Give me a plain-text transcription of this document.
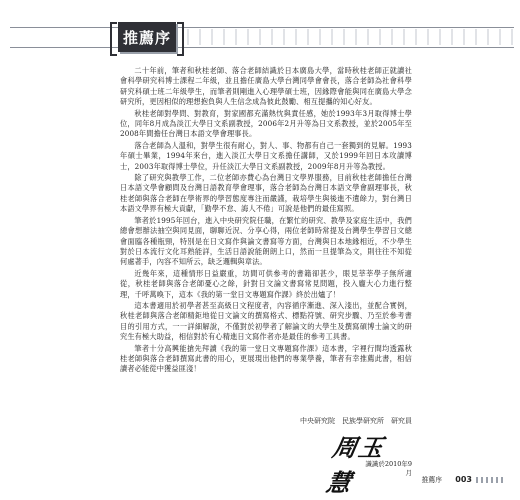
推薦序

二十年前，筆者和秋桂老師、落合老師結識於日本廣島大學，當時秋桂老師正就讀社會科學研究科博士課程二年級，並且擔任廣島大學台灣同學會會長，落合老師為社會科學研究科碩士班二年級學生，而筆者則剛進入心理學碩士班，因緣際會能與同在廣島大學念研究所，更因相似的理想抱負與人生信念成為彼此鼓勵、相互提攜的知心好友。

秋桂老師對學問、對教育，對家國都充滿熱忱與責任感，她於1993年3月取得博士學位，同年8月成為淡江大學日文系副教授，2006年2月升等為日文系教授，並於2005年至2008年間擔任台灣日本語文學會理事長。

落合老師為人溫和，對學生很有耐心，對人、事、物都有自己一套獨到的見解。1993年碩士畢業，1994年來台，進入淡江大學日文系擔任講師，又於1999年回日本攻讀博士，2003年取得博士學位，升任淡江大學日文系副教授，2009年8月升等為教授。

除了研究與教學工作，二位老師亦費心為台灣日文學界服務，目前秋桂老師擔任台灣日本語文學會顧問及台灣日語教育學會理事，落合老師為台灣日本語文學會副理事長，秋桂老師與落合老師在學術界的學習態度專注而嚴謹，栽培學生與後進不遺餘力，對台灣日本語文學界有極大貢獻，「勤學不怠、誨人不倦」可說是他們的最佳寫照。

筆者於1995年回台，進入中央研究院任職，在繁忙的研究、教學及家庭生活中，我們總會想辦法抽空與同見面，聊聊近況、分享心得，兩位老師時常提及台灣學生學習日文總會面臨各種瓶頸，特別是在日文寫作與論文書寫等方面，台灣與日本地緣相近，不少學生對於日本流行文化耳熟能詳，生活日語說能朗朗上口，然而一旦提筆為文，則往往不知從何處著手，內容不知所云，缺乏邏輯與章法。

近幾年來，這種情形日益嚴重，坊間可供參考的書籍卻甚少，眼見莘莘學子無所適從，秋桂老師與落合老師憂心之餘，針對日文論文書寫常見問題，投入龐大心力進行整理，千呼萬喚下，這本《我的第一堂日文專題寫作課》終於出爐了！

這本書適用於初學者甚至高級日文程度者，內容循序漸進、深入淺出，並配合實例，秋桂老師與落合老師精鉅地從日文論文的撰寫格式、標點符號、研究步驟、乃至於參考書目的引用方式，一一詳細解說，不僅對於初學者了解論文的大學生及撰寫碩博士論文的研究生有極大助益，相信對於有心精進日文寫作者亦是最佳的參考工具書。

筆者十分高興能搶先拜讀《我的第一堂日文專題寫作課》這本書，字裡行間均透露秋桂老師與落合老師撰寫此書的用心，更展現出他們的專業學養，筆者有幸推薦此書，相信讀者必能從中獲益匪淺！

中央研究院　民族學研究所　研究員
周玉慧
識識於2010年9月
推薦序 003
